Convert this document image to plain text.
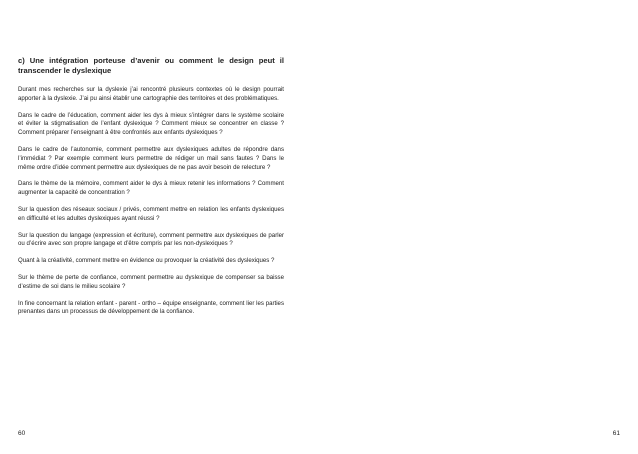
c) Une intégration porteuse d’avenir ou comment le design peut il transcender le dyslexique

Durant mes recherches sur la dyslexie j’ai rencontré plusieurs contextes où le design pourrait apporter à la dyslexie. J’ai pu ainsi établir une cartographie des territoires et des problématiques.

Dans le cadre de l’éducation, comment aider les dys à mieux s’intégrer dans le système scolaire et éviter la stigmatisation de l’enfant dyslexique ? Comment mieux se concentrer en classe ? Comment préparer l’enseignant à être confrontés aux enfants dyslexiques ?

Dans le cadre de l’autonomie, comment permettre aux dyslexiques adultes de répondre dans l’immédiat ? Par exemple comment leurs permettre de rédiger un mail sans fautes ? Dans le même ordre d’idée comment permettre aux dyslexiques de ne pas avoir besoin de relecture ?

Dans le thème de la mémoire, comment aider le dys à mieux retenir les informations ? Comment augmenter la capacité de concentration ?

Sur la question des réseaux sociaux / privés, comment mettre en relation les enfants dyslexiques en difficulté et les adultes dyslexiques ayant réussi ?

Sur la question du langage (expression et écriture), comment permettre aux dyslexiques de parler ou d’écrire avec son propre langage et d’être compris par les non-dyslexiques ?

Quant à la créativité, comment mettre en évidence ou provoquer la créativité des dyslexiques ?

Sur le thème de perte de confiance, comment permettre au dyslexique de compenser sa baisse d’estime de soi dans le milieu scolaire ?

In fine concernant la relation enfant - parent - ortho – équipe enseignante, comment lier les parties prenantes dans un processus de développement de la confiance.

60	61
